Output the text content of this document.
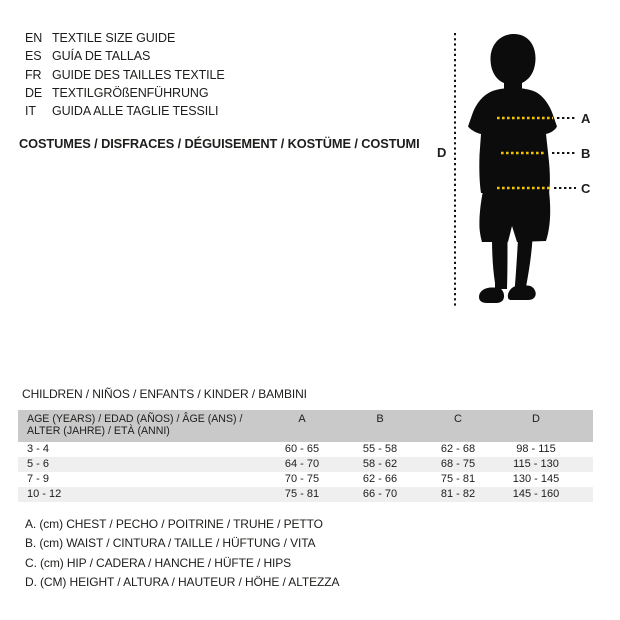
EN TEXTILE SIZE GUIDE
ES GUÍA DE TALLAS
FR GUIDE DES TAILLES TEXTILE
DE TEXTILGRÖßENFÜHRUNG
IT	GUIDA ALLE TAGLIE TESSILI
COSTUMES / DISFRACES / DÉGUISEMENT / KOSTÜME / COSTUMI
A
B
C
D
CHILDREN / NIÑOS / ENFANTS / KINDER / BAMBINI
AGE (YEARS) / EDAD (AÑOS) / ÂGE (ANS) /
ALTER (JAHRE) / ETÀ (ANNI)	A	B	C	D	
3 - 4	60 - 65	55 - 58	62 - 68	98 - 115	
5 - 6	64 - 70	58 - 62	68 - 75	115 - 130	
7 - 9	70 - 75	62 - 66	75 - 81	130 - 145	
10 - 12	75 - 81	66 - 70	81 - 82	145 - 160	
A. (cm) CHEST / PECHO / POITRINE / TRUHE / PETTO
B. (cm) WAIST / CINTURA / TAILLE / HÜFTUNG / VITA
C. (cm) HIP / CADERA / HANCHE / HÜFTE / HIPS
D. (CM) HEIGHT / ALTURA / HAUTEUR / HÖHE / ALTEZZA
